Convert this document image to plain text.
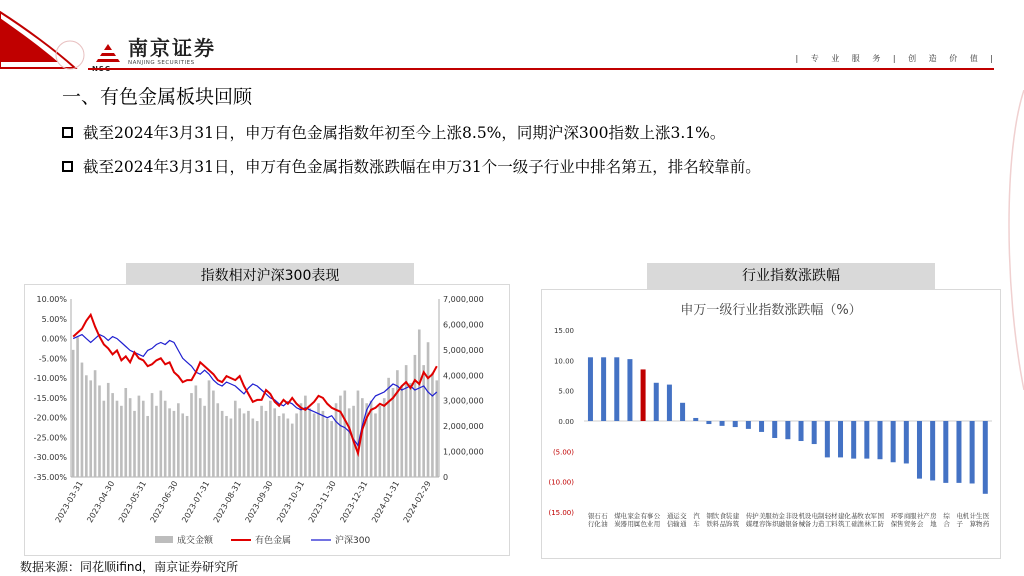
南京证券
NANJING SECURITIES	| 专 业 服 务 | 创 造 价 值 |
一、有色金属板块回顾
截至2024年3月31日，申万有色金属指数年初至今上涨8.5%，同期沪深300指数上涨3.1%。
截至2024年3月31日，申万有色金属指数涨跌幅在申万31个一级子行业中排名第五，排名较靠前。
指数相对沪深300表现
10.00%
5.00%
0.00%
-5.00%
-10.00%
-15.00%
-20.00%
-25.00%
-30.00%
-35.00%
7,000,000
6,000,000
5,000,000
4,000,000
3,000,000
2,000,000
1,000,000
0
2023-03-31 2023-04-30 2023-05-31 2023-06-30 2023-07-31 2023-08-31 2023-09-30 2023-10-31 2023-11-30 2023-12-31 2024-01-31 2024-02-29
成交金额	有色金属	沪深300
行业指数涨跌幅
申万一级行业指数涨跌幅（%）
15.00
10.00
5.00
0.00
(5.00)
(10.00)
(15.00) 银
行
石
油
石
化
煤
炭
家
用
电
器
有
色
金
属
公
用
事
业
通
信
交
通
运
输
汽
车
钢
铁
食
品
饮
料
建
筑
装
饰
传
媒
美
容
护
理
纺
织
服
饰
非
银
金
融
机
械
设
备
电
力
设
备
轻
工
制
造
建
筑
材
料
基
础
化
工
农
林
牧
渔
国
防
军
工
环
保
商
贸
零
售
社
会
服
务
房
地
产 综
合
电
子
计
算
机 医
药
生
物
数据来源：同花顺ifind，南京证券研究所
